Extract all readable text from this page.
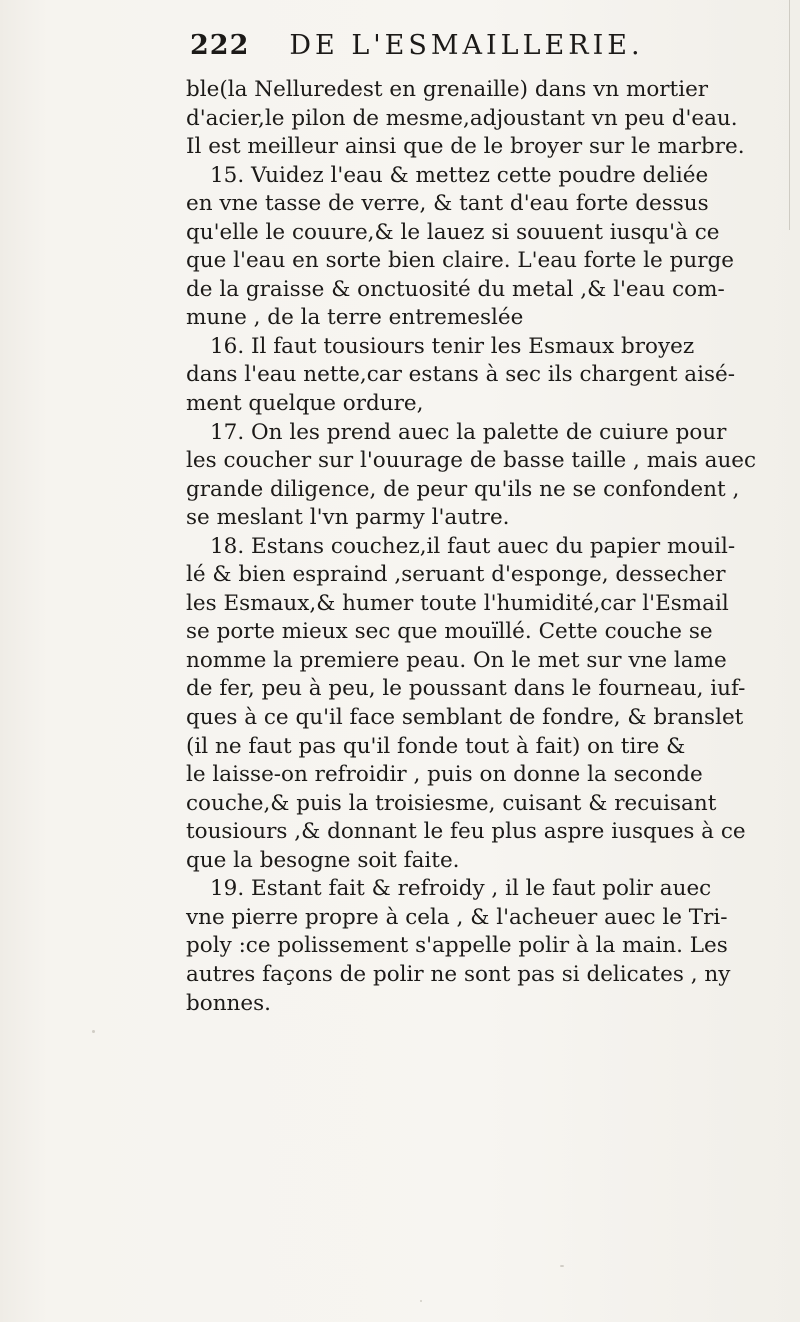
222 DE L'ESMAILLERIE.
ble(la Nelluredest en grenaille) dans vn mortier
d'acier,le pilon de mesme,adjoustant vn peu d'eau.
Il est meilleur ainsi que de le broyer sur le marbre.
15. Vuidez l'eau & mettez cette poudre deliée
en vne tasse de verre, & tant d'eau forte dessus
qu'elle le couure,& le lauez si souuent iusqu'à ce
que l'eau en sorte bien claire. L'eau forte le purge
de la graisse & onctuosité du metal ,& l'eau com-
mune , de la terre entremeslée
16. Il faut tousiours tenir les Esmaux broyez
dans l'eau nette,car estans à sec ils chargent aisé-
ment quelque ordure,
17. On les prend auec la palette de cuiure pour
les coucher sur l'ouurage de basse taille , mais auec
grande diligence, de peur qu'ils ne se confondent ,
se meslant l'vn parmy l'autre.
18. Estans couchez,il faut auec du papier mouil-
lé & bien espraind ,seruant d'esponge, dessecher
les Esmaux,& humer toute l'humidité,car l'Esmail
se porte mieux sec que mouïllé. Cette couche se
nomme la premiere peau. On le met sur vne lame
de fer, peu à peu, le poussant dans le fourneau, iuf-
ques à ce qu'il face semblant de fondre, & branslet
(il ne faut pas qu'il fonde tout à fait) on tire &
le laisse-on refroidir , puis on donne la seconde
couche,& puis la troisiesme, cuisant & recuisant
tousiours ,& donnant le feu plus aspre iusques à ce
que la besogne soit faite.
19. Estant fait & refroidy , il le faut polir auec
vne pierre propre à cela , & l'acheuer auec le Tri-
poly :ce polissement s'appelle polir à la main. Les
autres façons de polir ne sont pas si delicates , ny
bonnes.
